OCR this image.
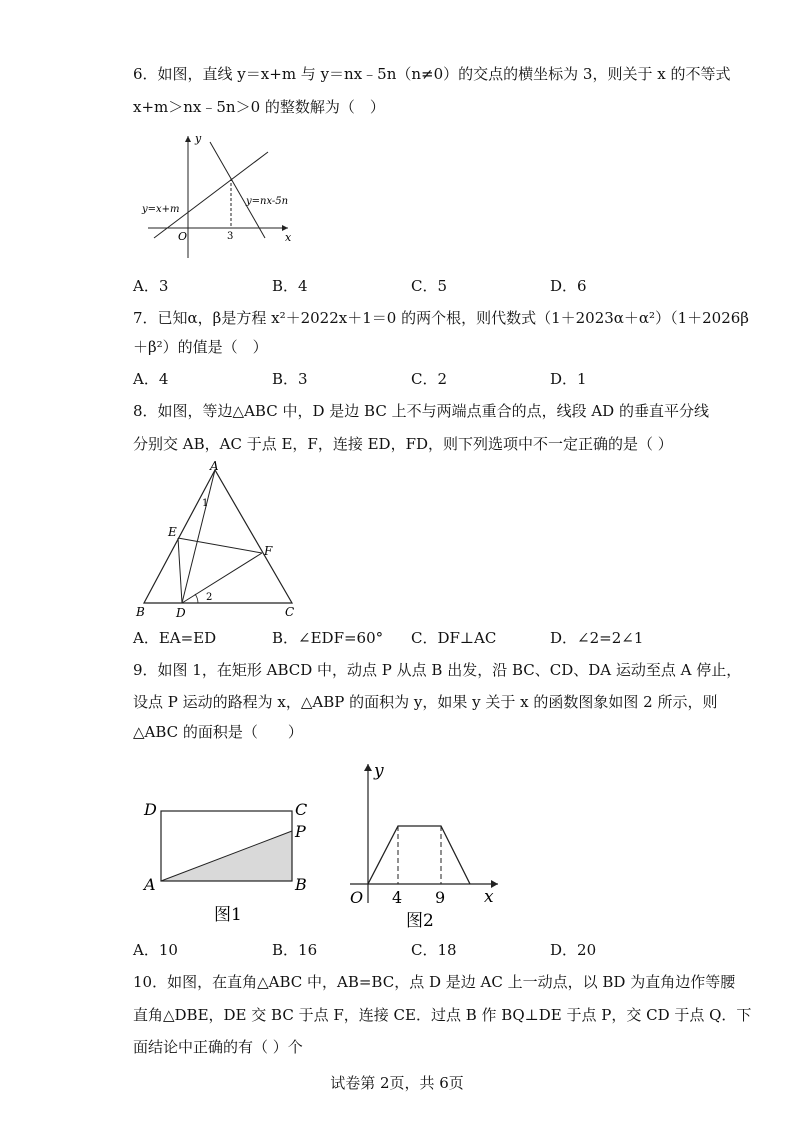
6．如图，直线 y＝x+m 与 y＝nx﹣5n（n≠0）的交点的横坐标为 3，则关于 x 的不等式
x+m＞nx﹣5n＞0 的整数解为（　）
y
x
O	3
y=x+m
y=nx-5n
A．3	B．4	C．5	D．6
7．已知α，β是方程 x²＋2022x＋1＝0 的两个根，则代数式（1＋2023α＋α²）（1＋2026β
＋β²）的值是（　）
A．4	B．3	C．2	D．1
8．如图，等边△ABC 中，D 是边 BC 上不与两端点重合的点，线段 AD 的垂直平分线
分别交 AB，AC 于点 E，F，连接 ED，FD，则下列选项中不一定正确的是（ ）
A
B	C
D
E
F
1
2
A．EA=ED	B．∠EDF=60° C．DF⊥AC	D．∠2=2∠1
9．如图 1，在矩形 ABCD 中，动点 P 从点 B 出发，沿 BC、CD、DA 运动至点 A 停止，
设点 P 运动的路程为 x，△ABP 的面积为 y，如果 y 关于 x 的函数图象如图 2 所示，则
△ABC 的面积是（　　）
D	C
P
A	B
图1
y
x
O 4 9
图2
A．10	B．16	C．18	D．20
10．如图，在直角△ABC 中，AB=BC，点 D 是边 AC 上一动点，以 BD 为直角边作等腰
直角△DBE，DE 交 BC 于点 F，连接 CE．过点 B 作 BQ⊥DE 于点 P，交 CD 于点 Q．下
面结论中正确的有（ ）个
试卷第 2页，共 6页
